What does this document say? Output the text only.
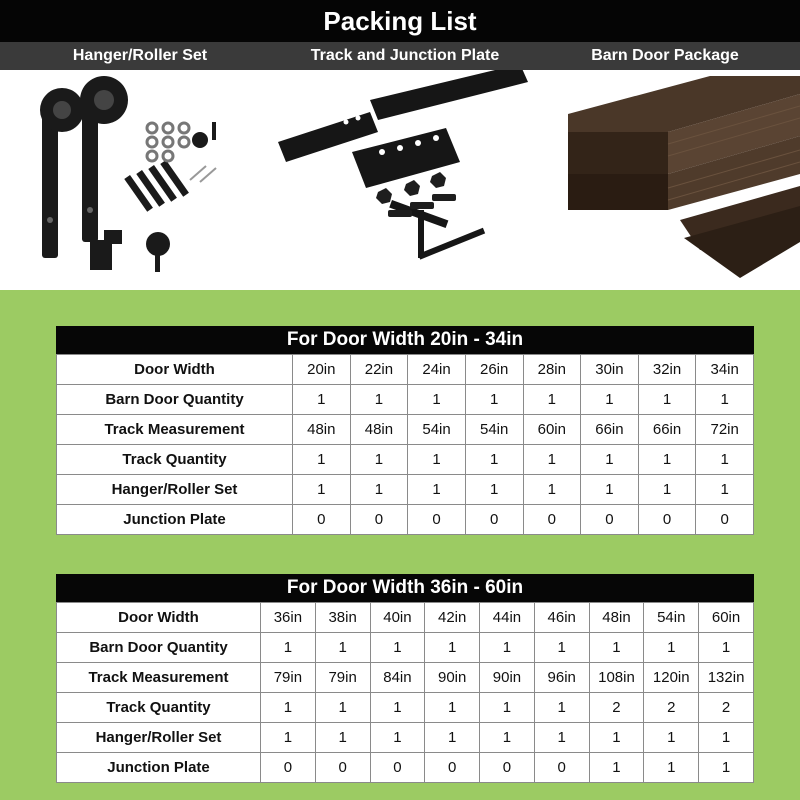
Packing List
Hanger/Roller Set	Track and Junction Plate	Barn Door Package
For Door Width 20in - 34in
Door Width	20in	22in	24in	26in	28in	30in	32in	34in
Barn Door Quantity	1	1	1	1	1	1	1	1
Track Measurement	48in	48in	54in	54in	60in	66in	66in	72in
Track Quantity	1	1	1	1	1	1	1	1
Hanger/Roller Set	1	1	1	1	1	1	1	1
Junction Plate	0	0	0	0	0	0	0	0
For Door Width 36in - 60in
Door Width	36in	38in	40in	42in	44in	46in	48in	54in	60in
Barn Door Quantity	1	1	1	1	1	1	1	1	1
Track Measurement	79in	79in	84in	90in	90in	96in	108in	120in	132in
Track Quantity	1	1	1	1	1	1	2	2	2
Hanger/Roller Set	1	1	1	1	1	1	1	1	1
Junction Plate	0	0	0	0	0	0	1	1	1
